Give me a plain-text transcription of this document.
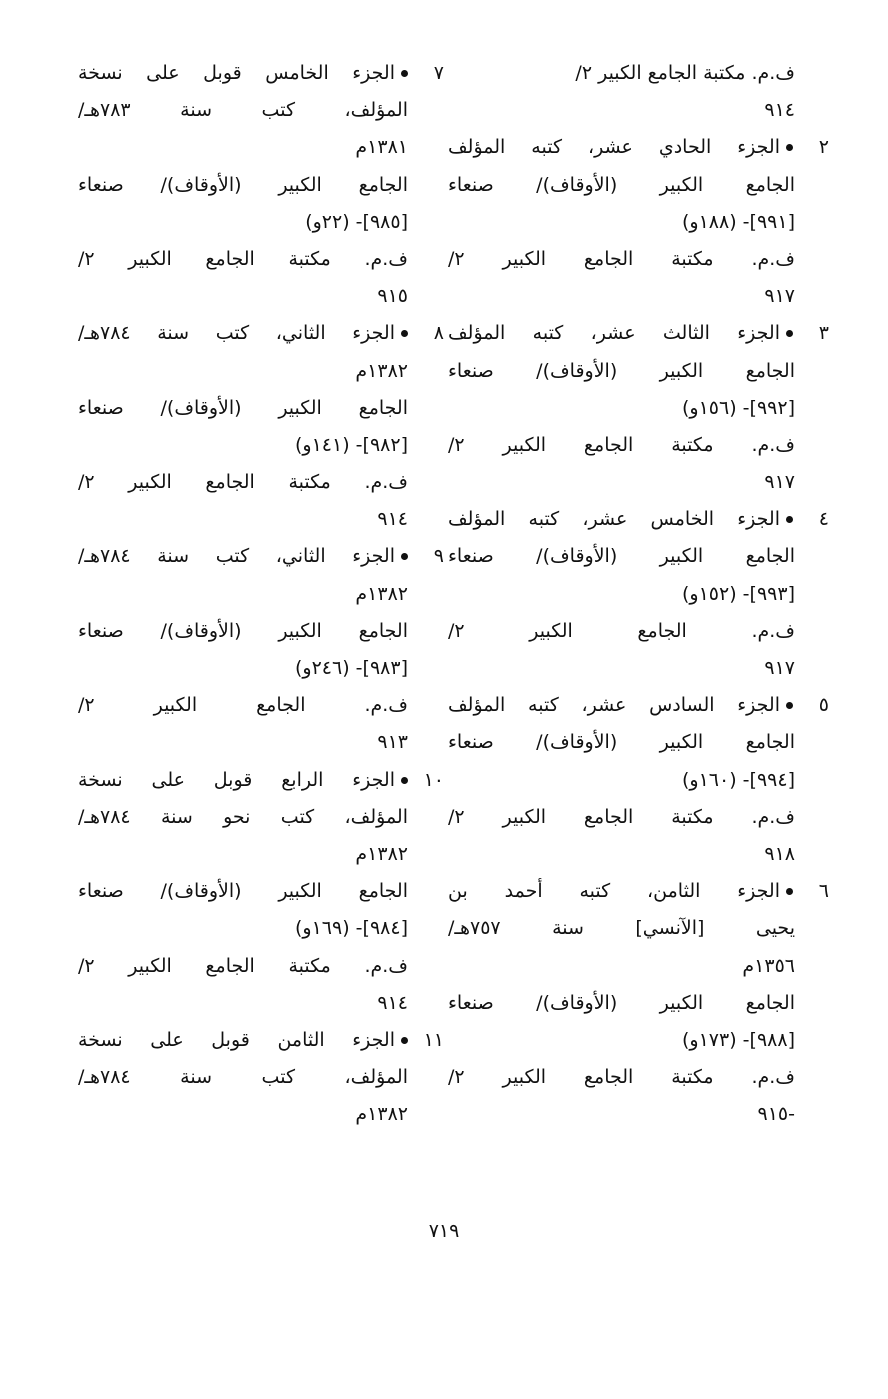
ف.م. مكتبة الجامع الكبير ٢/
٩١٤
٢
الجزء الحادي عشر، كتبه المؤلف
الجامع الكبير (الأوقاف)/ صنعاء
[٩٩١]- (١٨٨و)
ف.م. مكتبة الجامع الكبير ٢/
٩١٧
٣
الجزء الثالث عشر، كتبه المؤلف
الجامع الكبير (الأوقاف)/ صنعاء
[٩٩٢]- (١٥٦و)
ف.م. مكتبة الجامع الكبير ٢/
٩١٧
٤
الجزء الخامس عشر، كتبه المؤلف
الجامع الكبير (الأوقاف)/ صنعاء
[٩٩٣]- (١٥٢و)
ف.م. الجامع الكبير ٢/
٩١٧
٥
الجزء السادس عشر، كتبه المؤلف
الجامع الكبير (الأوقاف)/ صنعاء
[٩٩٤]- (١٦٠و)
ف.م. مكتبة الجامع الكبير ٢/
٩١٨
٦
الجزء الثامن، كتبه أحمد بن
يحيى [الآنسي] سنة ٧٥٧هـ/
١٣٥٦م
الجامع الكبير (الأوقاف)/ صنعاء
[٩٨٨]- (١٧٣و)
ف.م. مكتبة الجامع الكبير ٢/
-٩١٥
٧
الجزء الخامس قوبل على نسخة
المؤلف، كتب سنة ٧٨٣هـ/
١٣٨١م
الجامع الكبير (الأوقاف)/ صنعاء
[٩٨٥]- (٢٢و)
ف.م. مكتبة الجامع الكبير ٢/
٩١٥
٨
الجزء الثاني، كتب سنة ٧٨٤هـ/
١٣٨٢م
الجامع الكبير (الأوقاف)/ صنعاء
[٩٨٢]- (١٤١و)
ف.م. مكتبة الجامع الكبير ٢/
٩١٤
٩
الجزء الثاني، كتب سنة ٧٨٤هـ/
١٣٨٢م
الجامع الكبير (الأوقاف)/ صنعاء
[٩٨٣]- (٢٤٦و)
ف.م. الجامع الكبير ٢/
٩١٣
١٠
الجزء الرابع قوبل على نسخة
المؤلف، كتب نحو سنة ٧٨٤هـ/
١٣٨٢م
الجامع الكبير (الأوقاف)/ صنعاء
[٩٨٤]- (١٦٩و)
ف.م. مكتبة الجامع الكبير ٢/
٩١٤
١١
الجزء الثامن قوبل على نسخة
المؤلف، كتب سنة ٧٨٤هـ/
١٣٨٢م
٧١٩
